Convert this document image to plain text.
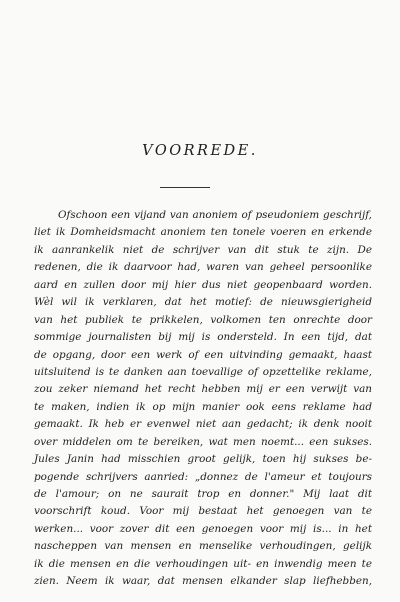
VOORREDE.
Ofschoon een vijand van anoniem of pseudoniem geschrijf,
liet ik Domheidsmacht anoniem ten tonele voeren en erkende
ik aanrankelik niet de schrijver van dit stuk te zijn. De
redenen, die ik daarvoor had, waren van geheel persoonlike
aard en zullen door mij hier dus niet geopenbaard worden.
Wèl wil ik verklaren, dat het motief: de nieuwsgierigheid
van het publiek te prikkelen, volkomen ten onrechte door
sommige journalisten bij mij is ondersteld. In een tijd, dat
de opgang, door een werk of een uitvinding gemaakt, haast
uitsluitend is te danken aan toevallige of opzettelike reklame,
zou zeker niemand het recht hebben mij er een verwijt van
te maken, indien ik op mijn manier ook eens reklame had
gemaakt. Ik heb er evenwel niet aan gedacht; ik denk nooit
over middelen om te bereiken, wat men noemt... een sukses.
Jules Janin had misschien groot gelijk, toen hij sukses be-
pogende schrijvers aanried: „donnez de l'ameur et toujours
de l'amour; on ne saurait trop en donner." Mij laat dit
voorschrift koud. Voor mij bestaat het genoegen van te
werken... voor zover dit een genoegen voor mij is... in het
nascheppen van mensen en menselike verhoudingen, gelijk
ik die mensen en die verhoudingen uit- en inwendig meen te
zien. Neem ik waar, dat mensen elkander slap liefhebben,
